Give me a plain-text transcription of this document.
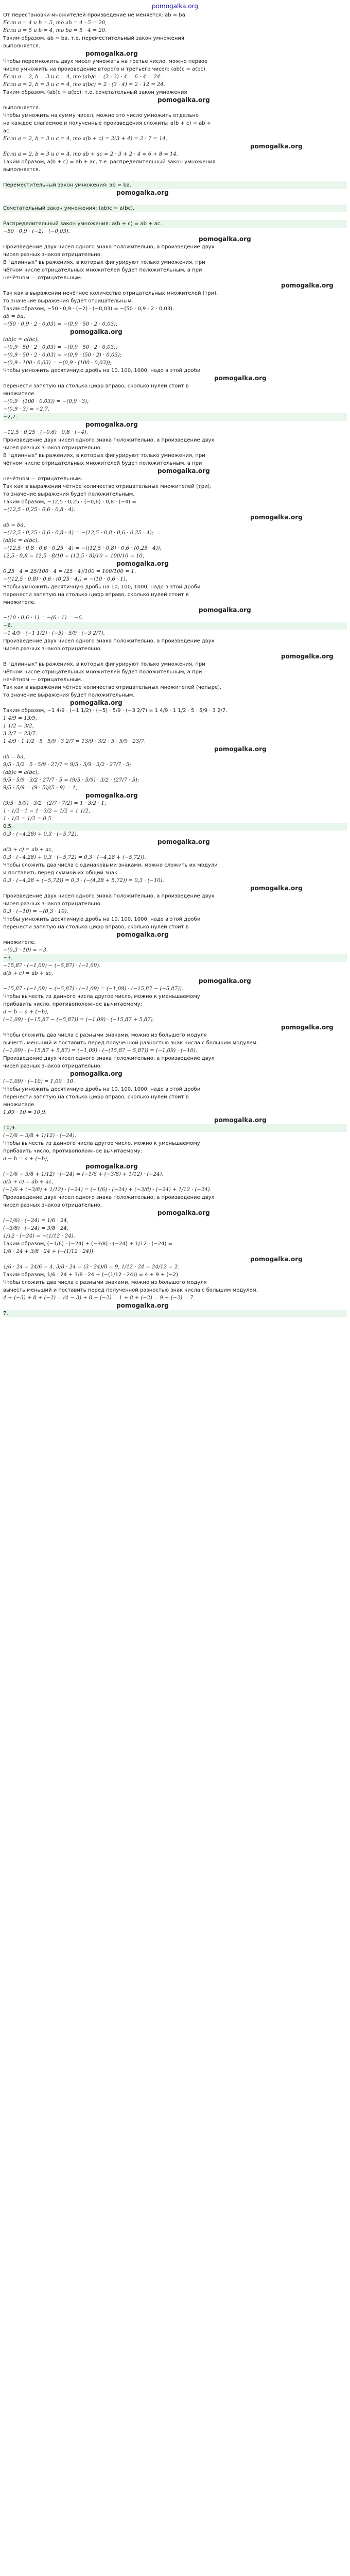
pomogalka.org
От перестановки множителей произведение не меняется: ab = ba.
Если a = 4 и b = 5, то ab = 4 · 5 = 20,
Если a = 5 и b = 4, то ba = 5 · 4 = 20.
Таким образом, ab = ba, т.е. переместительный закон умножения
выполняется.
pomogalka.org
Чтобы перемножить двух чисел умножать на третье число, можно первое
число умножить на произведение второго и третьего чисел: (ab)c = a(bc).
Если a = 2, b = 3 и c = 4, то (ab)c = (2 · 3) · 4 = 6 · 4 = 24.
Если a = 2, b = 3 и c = 4, то a(bc) = 2 · (3 · 4) = 2 · 12 = 24.
Таким образом, (ab)c = a(bc), т.е. сочетательный закон умножения
pomogalka.org
выполняется.
Чтобы умножить на сумму чисел, можно это число умножить отдельно
на каждое слагаемое и полученные произведения сложить: a(b + c) = ab +
ac.
Если a = 2, b = 3 и c = 4, то a(b + c) = 2(3 + 4) = 2 · 7 = 14,
pomogalka.org
Если a = 2, b = 3 и c = 4, то ab + ac = 2 · 3 + 2 · 4 = 6 + 8 = 14.
Таким образом, a(b + c) = ab + ac, т.е. распределительный закон умножения
выполняется.
Переместительный закон умножения: ab = ba.
pomogalka.org
Сочетательный закон умножения: (ab)c = a(bc).
Распределительный закон умножения: a(b + c) = ab + ac.
−50 · 0,9 · (−2) · (−0,03).
pomogalka.org
Произведение двух чисел одного знака положительно, а произведение двух
чисел разных знаков отрицательно.
В "длинных" выражениях, в которых фигурируют только умножения, при
чётном числе отрицательных множителей будет положительным, а при
нечётном — отрицательным.
pomogalka.org
Так как в выражении нечётное количество отрицательных множителей (три),
то значение выражения будет отрицательным.
Таким образом, −50 · 0,9 · (−2) · (−0,03) = −(50 · 0,9 · 2 · 0,03).
ab = ba,
−(50 · 0,9 · 2 · 0,03) = −(0,9 · 50 · 2 · 0,03);
pomogalka.org
(ab)c = a(bc),
−(0,9 · 50 · 2 · 0,03) = −(0,9 · 50 · 2 · 0,03);
−(0,9 · 50 · 2 · 0,03) = −(0,9 · (50 · 2) · 0,03);
−(0,9 · 100 · 0,03) = −(0,9 · (100 · 0,03));
Чтобы умножить десятичную дробь на 10, 100, 1000, надо в этой дроби
pomogalka.org
перенести запятую на столько цифр вправо, сколько нулей стоит в
множителе.
−(0,9 · (100 · 0,03)) = −(0,9 · 3);
−(0,9 · 3) = −2,7.
−2,7.
pomogalka.org
−12,5 · 0,25 · (−0,6) · 0,8 · (−4).
Произведение двух чисел одного знака положительно, а произведение двух
чисел разных знаков отрицательно.
В "длинных" выражениях, в которых фигурируют только умножения, при
чётном числе отрицательных множителей будет положительным, а при
pomogalka.org
нечётном — отрицательным.
Так как в выражении чётное количество отрицательных множителей (три),
то значение выражения будет положительным.
Таким образом, −12,5 · 0,25 · (−0,6) · 0,8 · (−4) =
−(12,5 · 0,25 · 0,6 · 0,8 · 4).
pomogalka.org
ab = ba,
−(12,5 · 0,25 · 0,6 · 0,8 · 4) = −(12,5 · 0,8 · 0,6 · 0,25 · 4);
(ab)c = a(bc),
−(12,5 · 0,8 · 0,6 · 0,25 · 4) = −((12,5 · 0,8) · 0,6 · (0,25 · 4));
12,5 · 0,8 = 12,5 · 8/10 = (12,5 · 8)/10 = 100/10 = 10,
pomogalka.org
0,25 · 4 = 25/100 · 4 = (25 · 4)/100 = 100/100 = 1.
−((12,5 · 0,8) · 0,6 · (0,25 · 4)) = −(10 · 0,6 · 1).
Чтобы умножить десятичную дробь на 10, 100, 1000, надо в этой дроби
перенести запятую на столько цифр вправо, сколько нулей стоит в
множителе.
pomogalka.org
−(10 · 0,6 · 1) = −(6 · 1) = −6.
−6.
−1 4/9 · (−1 1/2) · (−5) · 5/9 · (−3 2/7).
Произведение двух чисел одного знака положительно, а произведение двух
чисел разных знаков отрицательно.
pomogalka.org
В "длинных" выражениях, в которых фигурируют только умножения, при
чётном числе отрицательных множителей будет положительным, а при
нечётном — отрицательным.
Так как в выражении чётное количество отрицательных множителей (четыре),
то значение выражения будет положительным.
pomogalka.org
Таким образом, −1 4/9 · (−1 1/2) · (−5) · 5/9 · (−3 2/7) = 1 4/9 · 1 1/2 · 5 · 5/9 · 3 2/7.
1 4/9 = 13/9,
1 1/2 = 3/2,
3 2/7 = 23/7.
1 4/9 · 1 1/2 · 5 · 5/9 · 3 2/7 = 13/9 · 3/2 · 5 · 5/9 · 23/7.
pomogalka.org
ab = ba,
9/5 · 3/2 · 5 · 5/9 · 27/7 = 9/5 · 5/9 · 3/2 · 27/7 · 5;
(ab)c = a(bc),
9/5 · 5/9 · 3/2 · 27/7 · 5 = (9/5 · 5/9) · 3/2 · (27/7 · 5);
9/5 · 5/9 = (9 · 5)/(5 · 9) = 1,
pomogalka.org
(9/5 · 5/9) · 3/2 · (2/7 · 7/2) = 1 · 3/2 · 1;
1 · 1/2 · 1 = 1 · 3/2 = 1/2 = 1 1/2,
1 · 1/2 = 1/2 = 0,5.
0,5.
0,3 · (−4,28) + 0,3 · (−5,72).
pomogalka.org
a(b + c) = ab + ac,
0,3 · (−4,28) + 0,3 · (−5,72) = 0,3 · (−4,28 + (−5,72)).
Чтобы сложить два числа с одинаковыми знаками, можно сложить их модули
и поставить перед суммой их общий знак.
0,3 · (−4,28 + (−5,72)) = 0,3 · (−(4,28 + 5,72)) = 0,3 · (−10).
pomogalka.org
Произведение двух чисел одного знака положительно, а произведение двух
чисел разных знаков отрицательно.
0,3 · (−10) = −(0,3 · 10).
Чтобы умножить десятичную дробь на 10, 100, 1000, надо в этой дроби
перенести запятую на столько цифр вправо, сколько нулей стоит в
pomogalka.org
множителе.
−(0,3 · 10) = −3.
−3.
−15,87 · (−1,09) − (−5,87) · (−1,09).
a(b + c) = ab + ac,
pomogalka.org
−15,87 · (−1,09) − (−5,87) · (−1,09) = (−1,09) · (−15,87 − (−5,87)).
Чтобы вычесть из данного числа другое число, можно к уменьшаемому
прибавить число, противоположное вычитаемому:
a − b = a + (−b),
(−1,09) · (−15,87 − (−5,87)) = (−1,09) · (−15,87 + 5,87).
pomogalka.org
Чтобы сложить два числа с разными знаками, можно из большего модуля
вычесть меньший и поставить перед полученной разностью знак числа с большим модулем.
(−1,09) · (−15,87 + 5,87) = (−1,09) · (−(15,87 − 5,87)) = (−1,09) · (−10).
Произведение двух чисел одного знака положительно, а произведение двух
чисел разных знаков отрицательно.
pomogalka.org
(−1,09) · (−10) = 1,09 · 10.
Чтобы умножить десятичную дробь на 10, 100, 1000, надо в этой дроби
перенести запятую на столько цифр вправо, сколько нулей стоит в
множителе.
1,09 · 10 = 10,9.
pomogalka.org
10,9.
(−1/6 − 3/8 + 1/12) · (−24).
Чтобы вычесть из данного числа другое число, можно к уменьшаемому
прибавить число, противоположное вычитаемому:
a − b = a + (−b),
pomogalka.org
(−1/6 − 3/8 + 1/12) · (−24) = (−1/6 + (−3/8) + 1/12) · (−24).
a(b + c) = ab + ac,
(−1/6 + (−3/8) + 1/12) · (−24) = (−1/6) · (−24) + (−3/8) · (−24) + 1/12 · (−24).
Произведение двух чисел одного знака положительно, а произведение двух
чисел разных знаков отрицательно.
pomogalka.org
(−1/6) · (−24) = 1/6 · 24,
(−3/8) · (−24) = 3/8 · 24,
1/12 · (−24) = −(1/12 · 24).
Таким образом, (−1/6) · (−24) + (−3/8) · (−24) + 1/12 · (−24) =
1/6 · 24 + 3/8 · 24 + (−(1/12 · 24)).
pomogalka.org
1/6 · 24 = 24/6 = 4, 3/8 · 24 = (3 · 24)/8 = 9, 1/12 · 24 = 24/12 = 2.
Таким образом, 1/6 · 24 + 3/8 · 24 + (−(1/12 · 24)) = 4 + 9 + (−2).
Чтобы сложить два числа с разными знаками, можно из большего модуля
вычесть меньший и поставить перед полученной разностью знак числа с большим модулем.
4 + (−3) + 8 + (−2) = (4 − 3) + 8 + (−2) = 1 + 8 + (−2) = 9 + (−2) = 7.
pomogalka.org
7.
